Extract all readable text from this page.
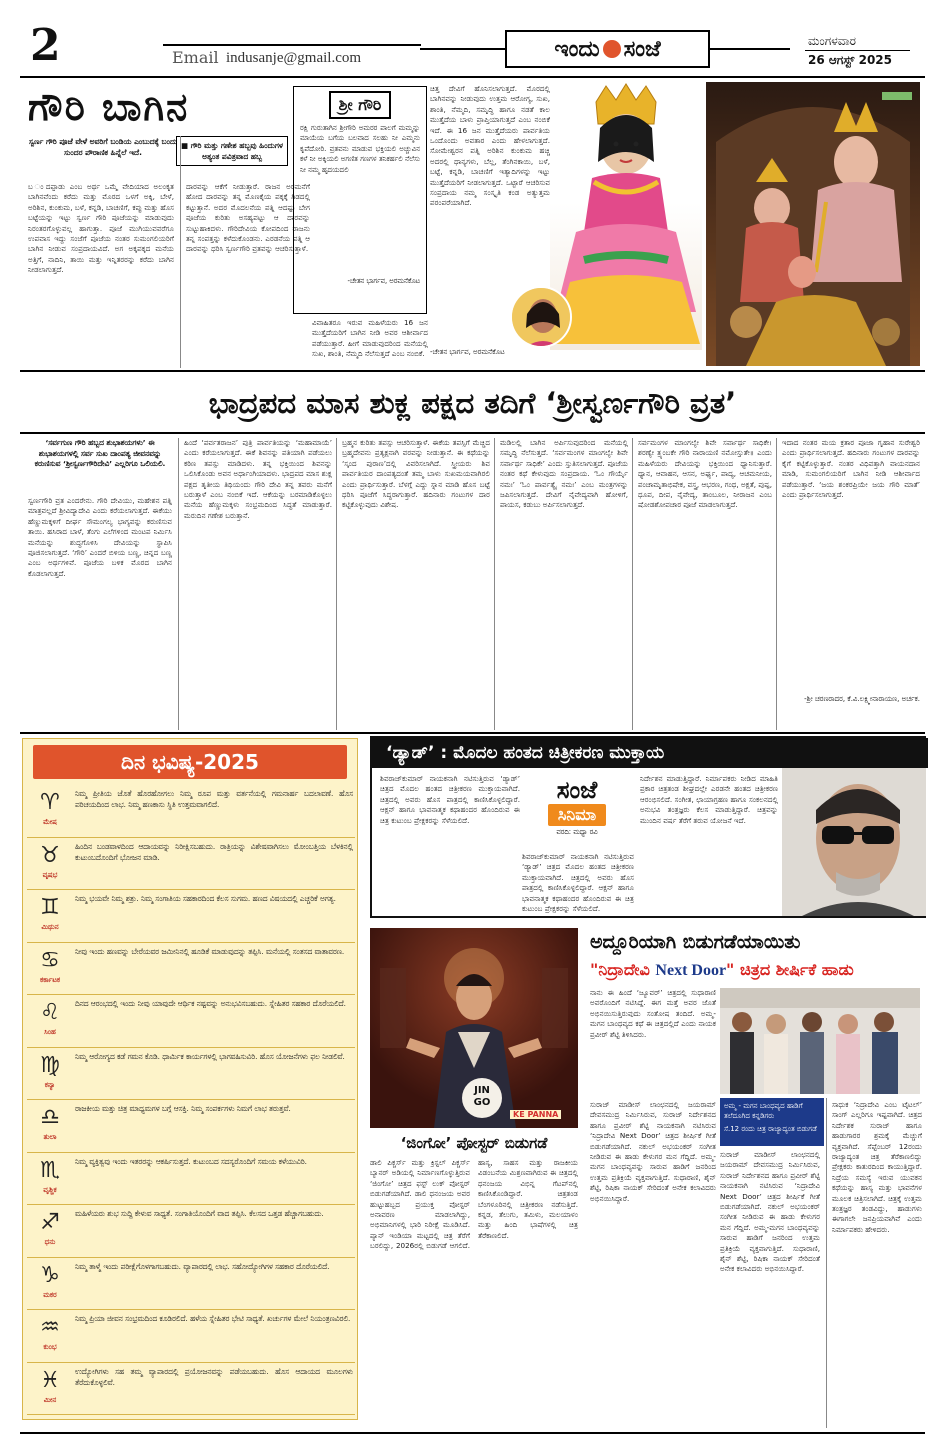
2	Email indusanje@gmail.com	ಇಂದು ಸಂಜೆ	ಮಂಗಳವಾರ
26 ಆಗಸ್ಟ್ 2025
ಗೌರಿ ಬಾಗಿನ
ಸ್ವರ್ಣ ಗೌರಿ ಪೂಜೆ ವೇಳೆ ಅವರಿಗೆ ಬಂಡಿಯ ಎಂಬುದಕ್ಕೆ ಬಂದು ಸುಂದರ ಪೌರಾಣಿಕ ಹಿನ್ನೆಲೆ ಇದೆ.
■ ಗೌರಿ ಮತ್ತು ಗಣೇಶ ಹಬ್ಬವು ಹಿಂದುಗಳ ಅತ್ಯಂತ ಪವಿತ್ರವಾದ ಹಬ್ಬ
ಬ ಂದಪ್ಪಾಡು ಎಂಬ ಅರ್ಥ ಒಮ್ಮೆ ವೇದಿಯಾದ ಅಲಂಕೃತ ಬಾಗಿನವೆಂದು ಕರೆದು ಮತ್ತು ಮೊರದ ಒಳಗೆ ಅಕ್ಕಿ, ಬೇಳೆ, ಅರಿಶಿನ, ಕುಂಕುಮ, ಬಳೆ, ಕನ್ನಡಿ, ಬಾಚಣಿಗೆ, ಕಪ್ಪು ಮತ್ತು ಹೊಸ ಬಟ್ಟೆಯನ್ನು ಇಟ್ಟು ಸ್ವರ್ಣ ಗೌರಿ ಪೂಜೆಯನ್ನು ಮಾಡುವುದು ನಿರಂತರಗೊಳ್ಳುವಲ್ಲ ಹಾಗುತ್ತಾ. ಪೂಜೆ ಮುಗಿಯುವವರೆಗೂ ಉಪವಾಸ ಇದ್ದು ಸಂಜೆಗೆ ಪೂಜೆಯ ನಂತರ ಸುಮಂಗಲಿಯರಿಗೆ ಬಾಗಿನ ನೀಡುವ ಸಂಪ್ರದಾಯವಿದೆ. ಅಗ ಅಕ್ಕಪಕ್ಕದ ಮನೆಯ ಅತ್ತಿಗೆ, ನಾದಿನಿ, ತಾಯಿ ಮತ್ತು ಇನ್ನಿತರರನ್ನು ಕರೆದು ಬಾಗಿನ ನೀಡಲಾಗುತ್ತದೆ.
ದಾರವನ್ನು ಆಕೆಗೆ ನೀಡುತ್ತಾರೆ. ರಾಜನ ಅರಮನೆಗೆ ಹೋದ ದಾರವನ್ನು ತನ್ನ ಮೊಣಕೈಯ ಪಕ್ಕಕ್ಕೆ ಗಿಡದಲ್ಲಿ ಕಟ್ಟುತ್ತಾನೆ. ಅದರ ಮೊದಲನೆಯ ಪತ್ನಿ ಆದಷ್ಟು ಬೇಗ ಪೂಜೆಯ ಕುರಿತು ಅಸಹ್ಯಪಟ್ಟು ಆ ದಾರವನ್ನು ಸುಟ್ಟುಹಾಕಿದಳು. ಗೌರಿದೇವಿಯ ಕೋಪದಿಂದ ರಾಜನು ತನ್ನ ಸಂಪತ್ತನ್ನು ಕಳೆದುಕೊಂಡನು. ಎರಡನೆಯ ಪತ್ನಿ ಆ ದಾರವನ್ನು ಧರಿಸಿ ಸ್ವರ್ಣಗೌರಿ ವ್ರತವನ್ನು ಆಚರಿಸುತ್ತಾಳೆ.
ವಿವಾಹಿತರೂ ಇರುವ ಮಹಿಳೆಯರು 16 ಜನ ಮುತ್ತೈದೆಯರಿಗೆ ಬಾಗಿನ ನೀಡಿ ಅವರ ಆಶೀರ್ವಾದ ಪಡೆಯುತ್ತಾರೆ. ಹೀಗೆ ಮಾಡುವುದರಿಂದ ಮನೆಯಲ್ಲಿ ಸುಖ, ಶಾಂತಿ, ನೆಮ್ಮದಿ ನೆಲೆಸುತ್ತದೆ ಎಂಬ ನಂಬಿಕೆ.
ಶ್ರೀ ಗೌರಿ
ರಕ್ಷಿ ಗುರುತಾಗಿನ ಶ್ರೀಗೌರಿ ಅಮರರ ಪಾಲಗೆ ಮಮ್ಮನ್ನು ಮಾಯೆಯ ಬಗೆಯ ಬಲವಾದ ಸಲಹು ನೀ ಎಮ್ಮನು ಕೃಪೆದೋರಿ. ವ್ರತವನು ಮಾಡುವ ಭಕ್ತಿಯಲಿ ಅಚ್ಚುವಿನ ಕಳೆ ನೀ ಅಕ್ಕಿಯಲಿ ಅಗಣಿತ ಗಣಗಳ ತನಿಕರ್ಹಲಿ ನೆಲೆಸು ನೀ ನಮ್ಮ ಹೃದಯದಲಿ
-ಚೇತನ ಭಾರ್ಗವ, ಅರಮನೆಕೊಟ
ಚಿತ್ತ ದೇವಿಗೆ ಹೊನಿಸಲಾಗುತ್ತದೆ. ಮೊರದಲ್ಲಿ ಬಾಗಿನವನ್ನು ನೀಡುವುದು ಉತ್ತಮ ಆರೋಗ್ಯ, ಸುಖ, ಶಾಂತಿ, ನೆಮ್ಮದಿ, ಸಮೃದ್ಧಿ ಹಾಗೂ ನಡತೆ ಕಾಲ ಮುತ್ತೈದೆಯ ಬಾಳು ಪ್ರಾಪ್ತಿಯಾಗುತ್ತದೆ ಎಂಬ ನಂಬಿಕೆ ಇದೆ. ಈ 16 ಜನ ಮುತ್ತೈದೆಯರು ಪಾರ್ವತಿಯ ಒಂದೊಂದು ಅವತಾರ ಎಂದು ಹೇಳಲಾಗುತ್ತದೆ. ಸೋಮೇಶ್ವರನ ಪತ್ನಿ ಅರಿಶಿನ ಕುಂಕುಮ ಹಚ್ಚಿ ಅದರಲ್ಲಿ ಧಾನ್ಯಗಳು, ಬೆಲ್ಲ, ತೆಂಗಿನಕಾಯಿ, ಬಳೆ, ಬಟ್ಟೆ, ಕನ್ನಡಿ, ಬಾಚಣಿಗೆ ಇತ್ಯಾದಿಗಳನ್ನು ಇಟ್ಟು ಮುತ್ತೈದೆಯರಿಗೆ ನೀಡಲಾಗುತ್ತದೆ. ಒಟ್ಟಾರೆ ಆಚರಿಸುವ ಸಂಪ್ರದಾಯ ನಮ್ಮ ಸಂಸ್ಕೃತಿ ಕಂಡ ಅತ್ಯುತ್ತಮ ಪರಂಪರೆಯಾಗಿದೆ.
-ಚೇತನ ಭಾರ್ಗವ, ಅರಮನೆಕೊಟ
ಭಾದ್ರಪದ ಮಾಸ ಶುಕ್ಲ ಪಕ್ಷದ ತದಿಗೆ ‘ಶ್ರೀಸ್ವರ್ಣಗೌರಿ ವ್ರತ’
‘ಸರ್ವಗುಣ ಗೌರಿ ಹಬ್ಬದ ಶುಭಾಶಯಗಳು’ ಈ ಶುಭಾಶಯಗಳಲ್ಲಿ ಸರ್ವ ಸುಖ ದಾಂಪತ್ಯ ಜೀವನವನ್ನು ಕರುಣಿಸುವ ‘ಶ್ರೀಸ್ವರ್ಣಗೌರಿದೇವಿ’ ಎಲ್ಲರಿಗೂ ಒಲಿಯಲಿ.
ಸ್ವರ್ಣಗೌರಿ ವ್ರತ ಎಂದರೇನು. ಗೌರಿ ದೇವಿಯು, ಮಹೇಶನ ಪತ್ನಿ ಮಾತ್ರವಲ್ಲದೆ ಶ್ರೀವಿದ್ಯಾದೇವಿ ಎಂದು ಕರೆಯಲಾಗುತ್ತದೆ. ಈಕೆಯು ಹೆಣ್ಣುಮಕ್ಕಳಿಗೆ ದೀರ್ಘ ಸೌಮಂಗಲ್ಯ ಭಾಗ್ಯವನ್ನು ಕರುಣಿಸುವ ತಾಯಿ. ಹಸಿರಾದ ಬಾಳೆ, ತೆಂಗು ಎಲೆಗಳಿಂದ ಮಂಟಪ ನಿರ್ಮಿಸಿ ಮನೆಯನ್ನು ಶುದ್ಧಗೊಳಿಸಿ ದೇವಿಯನ್ನು ಸ್ಥಾಪಿಸಿ ಪೂಜಿಸಲಾಗುತ್ತದೆ. ‘ಗೌರಿ’ ಎಂದರೆ ಬಿಳಿಯ ಬಣ್ಣ, ಚಿನ್ನದ ಬಣ್ಣ ಎಂಬ ಅರ್ಥಗಳಿವೆ. ಪೂಜೆಯ ಬಳಿಕ ಮೊರದ ಬಾಗಿನ ಕೊಡಲಾಗುತ್ತದೆ.
ಹಿಂದೆ ‘ಪರ್ವತರಾಜನ’ ಪುತ್ರಿ ಪಾರ್ವತಿಯನ್ನು ‘ಮಹಾಮಾಯೆ’ ಎಂದು ಕರೆಯಲಾಗುತ್ತದೆ. ಈಕೆ ಶಿವನನ್ನು ಪತಿಯಾಗಿ ಪಡೆಯಲು ಕಠಿಣ ತಪಸ್ಸು ಮಾಡಿದಳು. ತನ್ನ ಭಕ್ತಿಯಿಂದ ಶಿವನನ್ನು ಒಲಿಸಿಕೊಂಡು ಅವನ ಅರ್ಧಾಂಗಿಯಾದಳು. ಭಾದ್ರಪದ ಮಾಸ ಶುಕ್ಲ ಪಕ್ಷದ ತೃತೀಯ ತಿಥಿಯಂದು ಗೌರಿ ದೇವಿ ತನ್ನ ತವರು ಮನೆಗೆ ಬರುತ್ತಾಳೆ ಎಂಬ ನಂಬಿಕೆ ಇದೆ. ಆಕೆಯನ್ನು ಬರಮಾಡಿಕೊಳ್ಳಲು ಮನೆಯ ಹೆಣ್ಣುಮಕ್ಕಳು ಸಂಭ್ರಮದಿಂದ ಸಿದ್ಧತೆ ಮಾಡುತ್ತಾರೆ. ಮರುದಿನ ಗಣೇಶ ಬರುತ್ತಾನೆ.
ಬ್ರಹ್ಮನ ಕುರಿತು ತಪಸ್ಸು ಆಚರಿಸುತ್ತಾಳೆ. ಈಕೆಯ ತಪಸ್ಸಿಗೆ ಮೆಚ್ಚಿದ ಬ್ರಹ್ಮದೇವನು ಪ್ರತ್ಯಕ್ಷನಾಗಿ ವರವನ್ನು ನೀಡುತ್ತಾನೆ. ಈ ಕಥೆಯನ್ನು ‘ಸ್ಕಂದ ಪುರಾಣ’ದಲ್ಲಿ ವಿವರಿಸಲಾಗಿದೆ. ಸ್ತ್ರೀಯರು ಶಿವ ಪಾರ್ವತಿಯರ ದಾಂಪತ್ಯದಂತೆ ತಮ್ಮ ಬಾಳು ಸುಖಮಯವಾಗಿರಲಿ ಎಂದು ಪ್ರಾರ್ಥಿಸುತ್ತಾರೆ. ಬೆಳಗ್ಗೆ ಎದ್ದು ಸ್ನಾನ ಮಾಡಿ ಹೊಸ ಬಟ್ಟೆ ಧರಿಸಿ ಪೂಜೆಗೆ ಸಿದ್ಧರಾಗುತ್ತಾರೆ. ಹದಿನಾರು ಗಂಟುಗಳ ದಾರ ಕಟ್ಟಿಕೊಳ್ಳುವುದು ವಿಶೇಷ.
ಮಡಿಲಲ್ಲಿ ಬಾಗಿನ ಅರ್ಪಿಸುವುದರಿಂದ ಮನೆಯಲ್ಲಿ ಸಮೃದ್ಧಿ ನೆಲೆಸುತ್ತದೆ. ‘ಸರ್ವಮಂಗಳ ಮಾಂಗಲ್ಯೇ ಶಿವೇ ಸರ್ವಾರ್ಥ ಸಾಧಿಕೇ’ ಎಂದು ಸ್ತುತಿಸಲಾಗುತ್ತದೆ. ಪೂಜೆಯ ನಂತರ ಕಥೆ ಕೇಳುವುದು ಸಂಪ್ರದಾಯ. ‘ಓಂ ಗೌರ್ಯೈ ನಮಃ’ ‘ಓಂ ಪಾರ್ವತ್ಯೈ ನಮಃ’ ಎಂಬ ಮಂತ್ರಗಳನ್ನು ಜಪಿಸಲಾಗುತ್ತದೆ. ದೇವಿಗೆ ನೈವೇದ್ಯವಾಗಿ ಹೋಳಿಗೆ, ಪಾಯಸ, ಕಡುಬು ಅರ್ಪಿಸಲಾಗುತ್ತದೆ.
ಸರ್ವಮಂಗಳ ಮಾಂಗಲ್ಯೇ ಶಿವೇ ಸರ್ವಾರ್ಥ ಸಾಧಿಕೇ। ಶರಣ್ಯೇ ತ್ರ್ಯಂಬಕೇ ಗೌರಿ ನಾರಾಯಣಿ ನಮೋಸ್ತುತೇ॥ ಎಂದು ಮಹಿಳೆಯರು ದೇವಿಯನ್ನು ಭಕ್ತಿಯಿಂದ ಧ್ಯಾನಿಸುತ್ತಾರೆ. ಧ್ಯಾನ, ಆವಾಹನ, ಆಸನ, ಅರ್ಘ್ಯ, ಪಾದ್ಯ, ಆಚಮನೀಯ, ಪಂಚಾಮೃತಾಭಿಷೇಕ, ವಸ್ತ್ರ, ಆಭರಣ, ಗಂಧ, ಅಕ್ಷತೆ, ಪುಷ್ಪ, ಧೂಪ, ದೀಪ, ನೈವೇದ್ಯ, ತಾಂಬೂಲ, ನೀರಾಜನ ಎಂಬ ಷೋಡಶೋಪಚಾರ ಪೂಜೆ ಮಾಡಲಾಗುತ್ತದೆ.
ಇದಾದ ನಂತರ ಮಯ ಕ್ರತಾರ ಪೂಜಾ ಗೃಹಾನ ಸುರೇಶ್ವರಿ ಎಂದು ಪ್ರಾರ್ಥಿಸಲಾಗುತ್ತದೆ. ಹದಿನಾರು ಗಂಟುಗಳ ದಾರವನ್ನು ಕೈಗೆ ಕಟ್ಟಿಕೊಳ್ಳುತ್ತಾರೆ. ನಂತರ ವಿಧಿವತ್ತಾಗಿ ವಾಯನದಾನ ಮಾಡಿ, ಸುಮಂಗಲಿಯರಿಗೆ ಬಾಗಿನ ನೀಡಿ ಆಶೀರ್ವಾದ ಪಡೆಯುತ್ತಾರೆ. ‘ಜಯ ಶಂಕರಪ್ರಿಯೇ ಜಯ ಗೌರಿ ಮಾತೆ’ ಎಂದು ಪ್ರಾರ್ಥಿಸಲಾಗುತ್ತದೆ.
-ಶ್ರೀ ಚರಣರಾದರ, ಕೆ.ವಿ.ಲಕ್ಷ್ಮೀನಾರಾಯಣ, ಅರ್ಚಕ.
ದಿನ ಭವಿಷ್ಯ-2025
♈
ಮೇಷ
ನಿಮ್ಮ ಪ್ರೀತಿಯ ಜೊತೆ ಹೊರಹೋಗಲು ನಿಮ್ಮ ರೂಪ ಮತ್ತು ವರ್ತನೆಯಲ್ಲಿ ಗಮನಾರ್ಹ ಬದಲಾವಣೆ. ಹೊಸ ಪರಿಚಯದಿಂದ ಲಾಭ. ನಿಮ್ಮ ಹಣಕಾಸು ಸ್ಥಿತಿ ಉತ್ತಮವಾಗಲಿದೆ.
♉
ವೃಷಭ
ಹಿಂದಿನ ಬಂಡವಾಳದಿಂದ ಆದಾಯವನ್ನು ನಿರೀಕ್ಷಿಸಬಹುದು. ರಾತ್ರಿಯನ್ನು ವಿಶೇಷವಾಗಿಸಲು ಮೋಂಬತ್ತಿಯ ಬೆಳಕಿನಲ್ಲಿ ಕುಟುಂಬದೊಂದಿಗೆ ಭೋಜನ ಮಾಡಿ.
♊
ಮಿಥುನ
ನಿಮ್ಮ ಭಯವೇ ನಿಮ್ಮ ಶತ್ರು. ನಿಮ್ಮ ಸಂಗಾತಿಯ ಸಹಕಾರದಿಂದ ಕೆಲಸ ಸುಗಮ. ಹಣದ ವಿಷಯದಲ್ಲಿ ಎಚ್ಚರಿಕೆ ಅಗತ್ಯ.
♋
ಕರ್ಕಾಟಕ
ನೀವು ಇಂದು ಹಣವನ್ನು ಬೇರೆಯವರ ಜಮೀನಿನಲ್ಲಿ ಹೂಡಿಕೆ ಮಾಡುವುದನ್ನು ತಪ್ಪಿಸಿ. ಮನೆಯಲ್ಲಿ ಸಂತಸದ ವಾತಾವರಣ.
♌
ಸಿಂಹ
ದಿನದ ಆರಂಭದಲ್ಲಿ ಇಂದು ನೀವು ಯಾವುದೇ ಆರ್ಥಿಕ ನಷ್ಟವನ್ನು ಅನುಭವಿಸಬಹುದು. ಸ್ನೇಹಿತರ ಸಹಕಾರ ದೊರೆಯಲಿದೆ.
♍
ಕನ್ಯಾ
ನಿಮ್ಮ ಆರೋಗ್ಯದ ಕಡೆ ಗಮನ ಕೊಡಿ. ಧಾರ್ಮಿಕ ಕಾರ್ಯಗಳಲ್ಲಿ ಭಾಗವಹಿಸುವಿರಿ. ಹೊಸ ಯೋಜನೆಗಳು ಫಲ ನೀಡಲಿವೆ.
♎
ತುಲಾ
ರಾಜಕೀಯ ಮತ್ತು ಚಿತ್ರ ಮಾಧ್ಯಮಗಳ ಬಗ್ಗೆ ಆಸಕ್ತಿ. ನಿಮ್ಮ ಸಂಪರ್ಕಗಳು ನಿಮಗೆ ಲಾಭ ತರುತ್ತವೆ.
♏
ವೃಶ್ಚಿಕ
ನಿಮ್ಮ ವ್ಯಕ್ತಿತ್ವವು ಇಂದು ಇತರರನ್ನು ಆಕರ್ಷಿಸುತ್ತದೆ. ಕುಟುಂಬದ ಸದಸ್ಯರೊಂದಿಗೆ ಸಮಯ ಕಳೆಯುವಿರಿ.
♐
ಧನು
ಮಹಿಳೆಯರು ಶುಭ ಸುದ್ದಿ ಕೇಳುವ ಸಾಧ್ಯತೆ. ಸಂಗಾತಿಯೊಂದಿಗೆ ವಾದ ತಪ್ಪಿಸಿ. ಕೆಲಸದ ಒತ್ತಡ ಹೆಚ್ಚಾಗಬಹುದು.
♑
ಮಕರ
ನಿಮ್ಮ ತಾಳ್ಮೆ ಇಂದು ಪರೀಕ್ಷೆಗೊಳಗಾಗಬಹುದು. ವ್ಯಾಪಾರದಲ್ಲಿ ಲಾಭ. ಸಹೋದ್ಯೋಗಿಗಳ ಸಹಕಾರ ದೊರೆಯಲಿದೆ.
♒
ಕುಂಭ
ನಿಮ್ಮ ಪ್ರಿಯಾ ಜೀವನ ಸಂಭ್ರಮದಿಂದ ಕೂಡಿರಲಿದೆ. ಹಳೆಯ ಸ್ನೇಹಿತರ ಭೇಟಿ ಸಾಧ್ಯತೆ. ಖರ್ಚುಗಳ ಮೇಲೆ ನಿಯಂತ್ರಣವಿರಲಿ.
♓
ಮೀನ
ಉದ್ಯೋಗಿಗಳು ಸಹ ತಮ್ಮ ವ್ಯಾಪಾರದಲ್ಲಿ ಪ್ರಯೋಜನವನ್ನು ಪಡೆಯಬಹುದು. ಹೊಸ ಆದಾಯದ ಮೂಲಗಳು ತೆರೆದುಕೊಳ್ಳಲಿವೆ.
‘ಡ್ಯಾಡ್’ : ಮೊದಲ ಹಂತದ ಚಿತ್ರೀಕರಣ ಮುಕ್ತಾಯ
ಶಿವರಾಜ್‌ಕುಮಾರ್ ನಾಯಕನಾಗಿ ನಟಿಸುತ್ತಿರುವ ‘ಡ್ಯಾಡ್’ ಚಿತ್ರದ ಮೊದಲ ಹಂತದ ಚಿತ್ರೀಕರಣ ಮುಕ್ತಾಯವಾಗಿದೆ. ಚಿತ್ರದಲ್ಲಿ ಅವರು ಹೊಸ ಪಾತ್ರದಲ್ಲಿ ಕಾಣಿಸಿಕೊಳ್ಳಲಿದ್ದಾರೆ. ಆಕ್ಷನ್ ಹಾಗೂ ಭಾವನಾತ್ಮಕ ಕಥಾಹಂದರ ಹೊಂದಿರುವ ಈ ಚಿತ್ರ ಕುಟುಂಬ ಪ್ರೇಕ್ಷಕರನ್ನು ಸೆಳೆಯಲಿದೆ.
ಸಂಜೆ
ಸಿನಿಮಾ
ವರದಿ: ಮಧ್ಯಾ ರವಿ
ಶಿವರಾಜ್‌ಕುಮಾರ್ ನಾಯಕನಾಗಿ ನಟಿಸುತ್ತಿರುವ ‘ಡ್ಯಾಡ್’ ಚಿತ್ರದ ಮೊದಲ ಹಂತದ ಚಿತ್ರೀಕರಣ ಮುಕ್ತಾಯವಾಗಿದೆ. ಚಿತ್ರದಲ್ಲಿ ಅವರು ಹೊಸ ಪಾತ್ರದಲ್ಲಿ ಕಾಣಿಸಿಕೊಳ್ಳಲಿದ್ದಾರೆ. ಆಕ್ಷನ್ ಹಾಗೂ ಭಾವನಾತ್ಮಕ ಕಥಾಹಂದರ ಹೊಂದಿರುವ ಈ ಚಿತ್ರ ಕುಟುಂಬ ಪ್ರೇಕ್ಷಕರನ್ನು ಸೆಳೆಯಲಿದೆ.
ನಿರ್ದೇಶನ ಮಾಡುತ್ತಿದ್ದಾರೆ. ನಿರ್ಮಾಪಕರು ನೀಡಿದ ಮಾಹಿತಿ ಪ್ರಕಾರ ಚಿತ್ರತಂಡ ಶೀಘ್ರದಲ್ಲೇ ಎರಡನೇ ಹಂತದ ಚಿತ್ರೀಕರಣ ಆರಂಭಿಸಲಿದೆ. ಸಂಗೀತ, ಛಾಯಾಗ್ರಹಣ ಹಾಗೂ ಸಂಕಲನದಲ್ಲಿ ಅನುಭವಿ ತಂತ್ರಜ್ಞರು ಕೆಲಸ ಮಾಡುತ್ತಿದ್ದಾರೆ. ಚಿತ್ರವನ್ನು ಮುಂದಿನ ವರ್ಷ ತೆರೆಗೆ ತರುವ ಯೋಜನೆ ಇದೆ.
JIN
GO
KE PANNA
‘ಜಿಂಗೋ’ ಪೋಸ್ಟರ್ ಬಿಡುಗಡೆ
ಡಾಲಿ ಪಿಕ್ಚರ್ಸ್ ಮತ್ತು ಕ್ರಿಸ್ಟಲ್ ಪಿಕ್ಚರ್ಸ್ ಬ್ಯಾನರ್ ಅಡಿಯಲ್ಲಿ ನಿರ್ಮಾಣಗೊಳ್ಳುತ್ತಿರುವ ‘ಜಿಂಗೋ’ ಚಿತ್ರದ ಫಸ್ಟ್ ಲುಕ್ ಪೋಸ್ಟರ್ ಬಿಡುಗಡೆಯಾಗಿದೆ. ಡಾಲಿ ಧನಂಜಯ ಅವರ ಹುಟ್ಟುಹಬ್ಬದ ಪ್ರಯುಕ್ತ ಪೋಸ್ಟರ್ ಅನಾವರಣ ಮಾಡಲಾಗಿದ್ದು, ಅಭಿಮಾನಿಗಳಲ್ಲಿ ಭಾರಿ ನಿರೀಕ್ಷೆ ಮೂಡಿಸಿದೆ. ಪ್ಯಾನ್ ಇಂಡಿಯಾ ಮಟ್ಟದಲ್ಲಿ ಚಿತ್ರ ತೆರೆಗೆ ಬರಲಿದ್ದು, 2026ರಲ್ಲಿ ಬಿಡುಗಡೆ ಆಗಲಿದೆ. ಹಾಸ್ಯ, ಸಾಹಸ ಮತ್ತು ರಾಜಕೀಯ ವಿಡಂಬನೆಯ ಮಿಶ್ರಣವಾಗಿರುವ ಈ ಚಿತ್ರದಲ್ಲಿ ಧನಂಜಯ ವಿಭಿನ್ನ ಗೆಟಪ್‌ನಲ್ಲಿ ಕಾಣಿಸಿಕೊಂಡಿದ್ದಾರೆ. ಚಿತ್ರತಂಡ ಬೆಂಗಳೂರಿನಲ್ಲಿ ಚಿತ್ರೀಕರಣ ನಡೆಸುತ್ತಿದೆ. ಕನ್ನಡ, ತೆಲುಗು, ತಮಿಳು, ಮಲಯಾಳಂ ಮತ್ತು ಹಿಂದಿ ಭಾಷೆಗಳಲ್ಲಿ ಚಿತ್ರ ತೆರೆಕಾಣಲಿದೆ.
ಅದ್ದೂರಿಯಾಗಿ ಬಿಡುಗಡೆಯಾಯಿತು
"ನಿದ್ರಾದೇವಿ Next Door" ಚಿತ್ರದ ಶೀರ್ಷಿಕೆ ಹಾಡು
ನಾನು ಈ ಹಿಂದೆ ‘ಜ್ಯೂವರ್’ ಚಿತ್ರದಲ್ಲಿ ಸುಧಾರಾಣಿ ಅವರೊಂದಿಗೆ ನಟಿಸಿದ್ದೆ. ಈಗ ಮತ್ತೆ ಅವರ ಜೊತೆ ಅಭಿನಯಿಸುತ್ತಿರುವುದು ಸಂತೋಷ ತಂದಿದೆ. ಅಮ್ಮ-ಮಗನ ಬಾಂಧವ್ಯದ ಕಥೆ ಈ ಚಿತ್ರದಲ್ಲಿದೆ ಎಂದು ನಾಯಕ ಪ್ರವೀರ್ ಶೆಟ್ಟಿ ತಿಳಿಸಿದರು.
ಅಮ್ಮ - ಮಗನ ಬಾಂಧವ್ಯದ ಹಾಡಿಗೆ ತಲೆದೂಗಿದ ಕನ್ನಡಿಗರು
ಸೆ.12 ರಂದು ಚಿತ್ರ ರಾಜ್ಯಾದ್ಯಂತ ಬಿಡುಗಡೆ
ಸುರಾಜ್ ಮಾಡೀಸ್ ಲಾಂಛನದಲ್ಲಿ ಜಯರಾಮ್ ದೇವಸಮುದ್ರ ನಿರ್ಮಿಸಿರುವ, ಸುರಾಜ್ ನಿರ್ದೇಶನದ ಹಾಗೂ ಪ್ರವೀರ್ ಶೆಟ್ಟಿ ನಾಯಕನಾಗಿ ನಟಿಸಿರುವ ‘ನಿದ್ರಾದೇವಿ Next Door’ ಚಿತ್ರದ ಶೀರ್ಷಿಕೆ ಗೀತೆ ಬಿಡುಗಡೆಯಾಗಿದೆ. ನಕುಲ್ ಅಭಯಂಕರ್ ಸಂಗೀತ ನೀಡಿರುವ ಈ ಹಾಡು ಕೇಳುಗರ ಮನ ಗೆದ್ದಿದೆ. ಅಮ್ಮ-ಮಗನ ಬಾಂಧವ್ಯವನ್ನು ಸಾರುವ ಹಾಡಿಗೆ ಜನರಿಂದ ಉತ್ತಮ ಪ್ರತಿಕ್ರಿಯೆ ವ್ಯಕ್ತವಾಗುತ್ತಿದೆ. ಸುಧಾರಾಣಿ, ಶೈನ್ ಶೆಟ್ಟಿ, ರಿಷಿಕಾ ನಾಯಕ್ ಸೇರಿದಂತೆ ಅನೇಕ ಕಲಾವಿದರು ಅಭಿನಯಿಸಿದ್ದಾರೆ.
ಸುರಾಜ್ ಮಾಡೀಸ್ ಲಾಂಛನದಲ್ಲಿ ಜಯರಾಮ್ ದೇವಸಮುದ್ರ ನಿರ್ಮಿಸಿರುವ, ಸುರಾಜ್ ನಿರ್ದೇಶನದ ಹಾಗೂ ಪ್ರವೀರ್ ಶೆಟ್ಟಿ ನಾಯಕನಾಗಿ ನಟಿಸಿರುವ ‘ನಿದ್ರಾದೇವಿ Next Door’ ಚಿತ್ರದ ಶೀರ್ಷಿಕೆ ಗೀತೆ ಬಿಡುಗಡೆಯಾಗಿದೆ. ನಕುಲ್ ಅಭಯಂಕರ್ ಸಂಗೀತ ನೀಡಿರುವ ಈ ಹಾಡು ಕೇಳುಗರ ಮನ ಗೆದ್ದಿದೆ. ಅಮ್ಮ-ಮಗನ ಬಾಂಧವ್ಯವನ್ನು ಸಾರುವ ಹಾಡಿಗೆ ಜನರಿಂದ ಉತ್ತಮ ಪ್ರತಿಕ್ರಿಯೆ ವ್ಯಕ್ತವಾಗುತ್ತಿದೆ. ಸುಧಾರಾಣಿ, ಶೈನ್ ಶೆಟ್ಟಿ, ರಿಷಿಕಾ ನಾಯಕ್ ಸೇರಿದಂತೆ ಅನೇಕ ಕಲಾವಿದರು ಅಭಿನಯಿಸಿದ್ದಾರೆ.
ಸಾಧುಕ ‘ನಿದ್ರಾದೇವಿ ಎಂಬ ಟೈಟಲ್’ ಸಾಂಗ್ ಎಲ್ಲರಿಗೂ ಇಷ್ಟವಾಗಿದೆ. ಚಿತ್ರದ ನಿರ್ದೇಶಕ ಸುರಾಜ್ ಹಾಗೂ ಹಾಡುಗಾರರ ಶ್ರಮಕ್ಕೆ ಮೆಚ್ಚುಗೆ ವ್ಯಕ್ತವಾಗಿದೆ. ಸೆಪ್ಟೆಂಬರ್ 12ರಂದು ರಾಜ್ಯಾದ್ಯಂತ ಚಿತ್ರ ತೆರೆಕಾಣಲಿದ್ದು ಪ್ರೇಕ್ಷಕರು ಕಾತುರದಿಂದ ಕಾಯುತ್ತಿದ್ದಾರೆ. ನಿದ್ರೆಯ ಸಮಸ್ಯೆ ಇರುವ ಯುವಕನ ಕಥೆಯನ್ನು ಹಾಸ್ಯ ಮತ್ತು ಭಾವನೆಗಳ ಮೂಲಕ ಚಿತ್ರಿಸಲಾಗಿದೆ. ಚಿತ್ರಕ್ಕೆ ಉತ್ತಮ ತಂತ್ರಜ್ಞರ ತಂಡವಿದ್ದು, ಹಾಡುಗಳು ಈಗಾಗಲೇ ಜನಪ್ರಿಯವಾಗಿವೆ ಎಂದು ನಿರ್ಮಾಪಕರು ಹೇಳಿದರು.
